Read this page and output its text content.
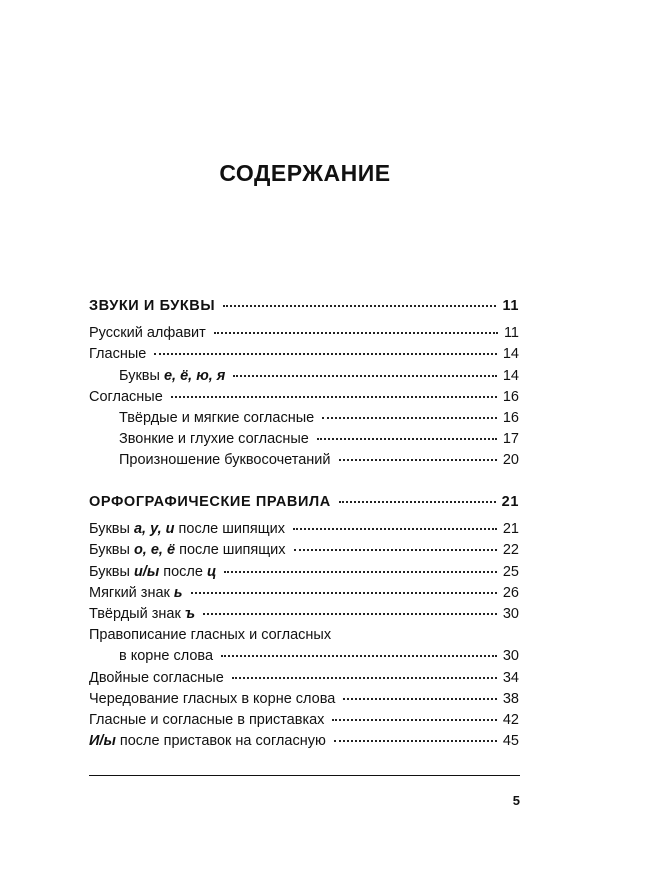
СОДЕРЖАНИЕ
ЗВУКИ И БУКВЫ	11
Русский алфавит	11
Гласные	14
Буквы е, ё, ю, я	14
Согласные	16
Твёрдые и мягкие согласные	16
Звонкие и глухие согласные	17
Произношение буквосочетаний	20
ОРФОГРАФИЧЕСКИЕ ПРАВИЛА	21
Буквы а, у, и после шипящих	21
Буквы о, е, ё после шипящих	22
Буквы и/ы после ц	25
Мягкий знак ь	26
Твёрдый знак ъ	30
Правописание гласных и согласных
в корне слова	30
Двойные согласные	34
Чередование гласных в корне слова	38
Гласные и согласные в приставках	42
И/ы после приставок на согласную	45
5
